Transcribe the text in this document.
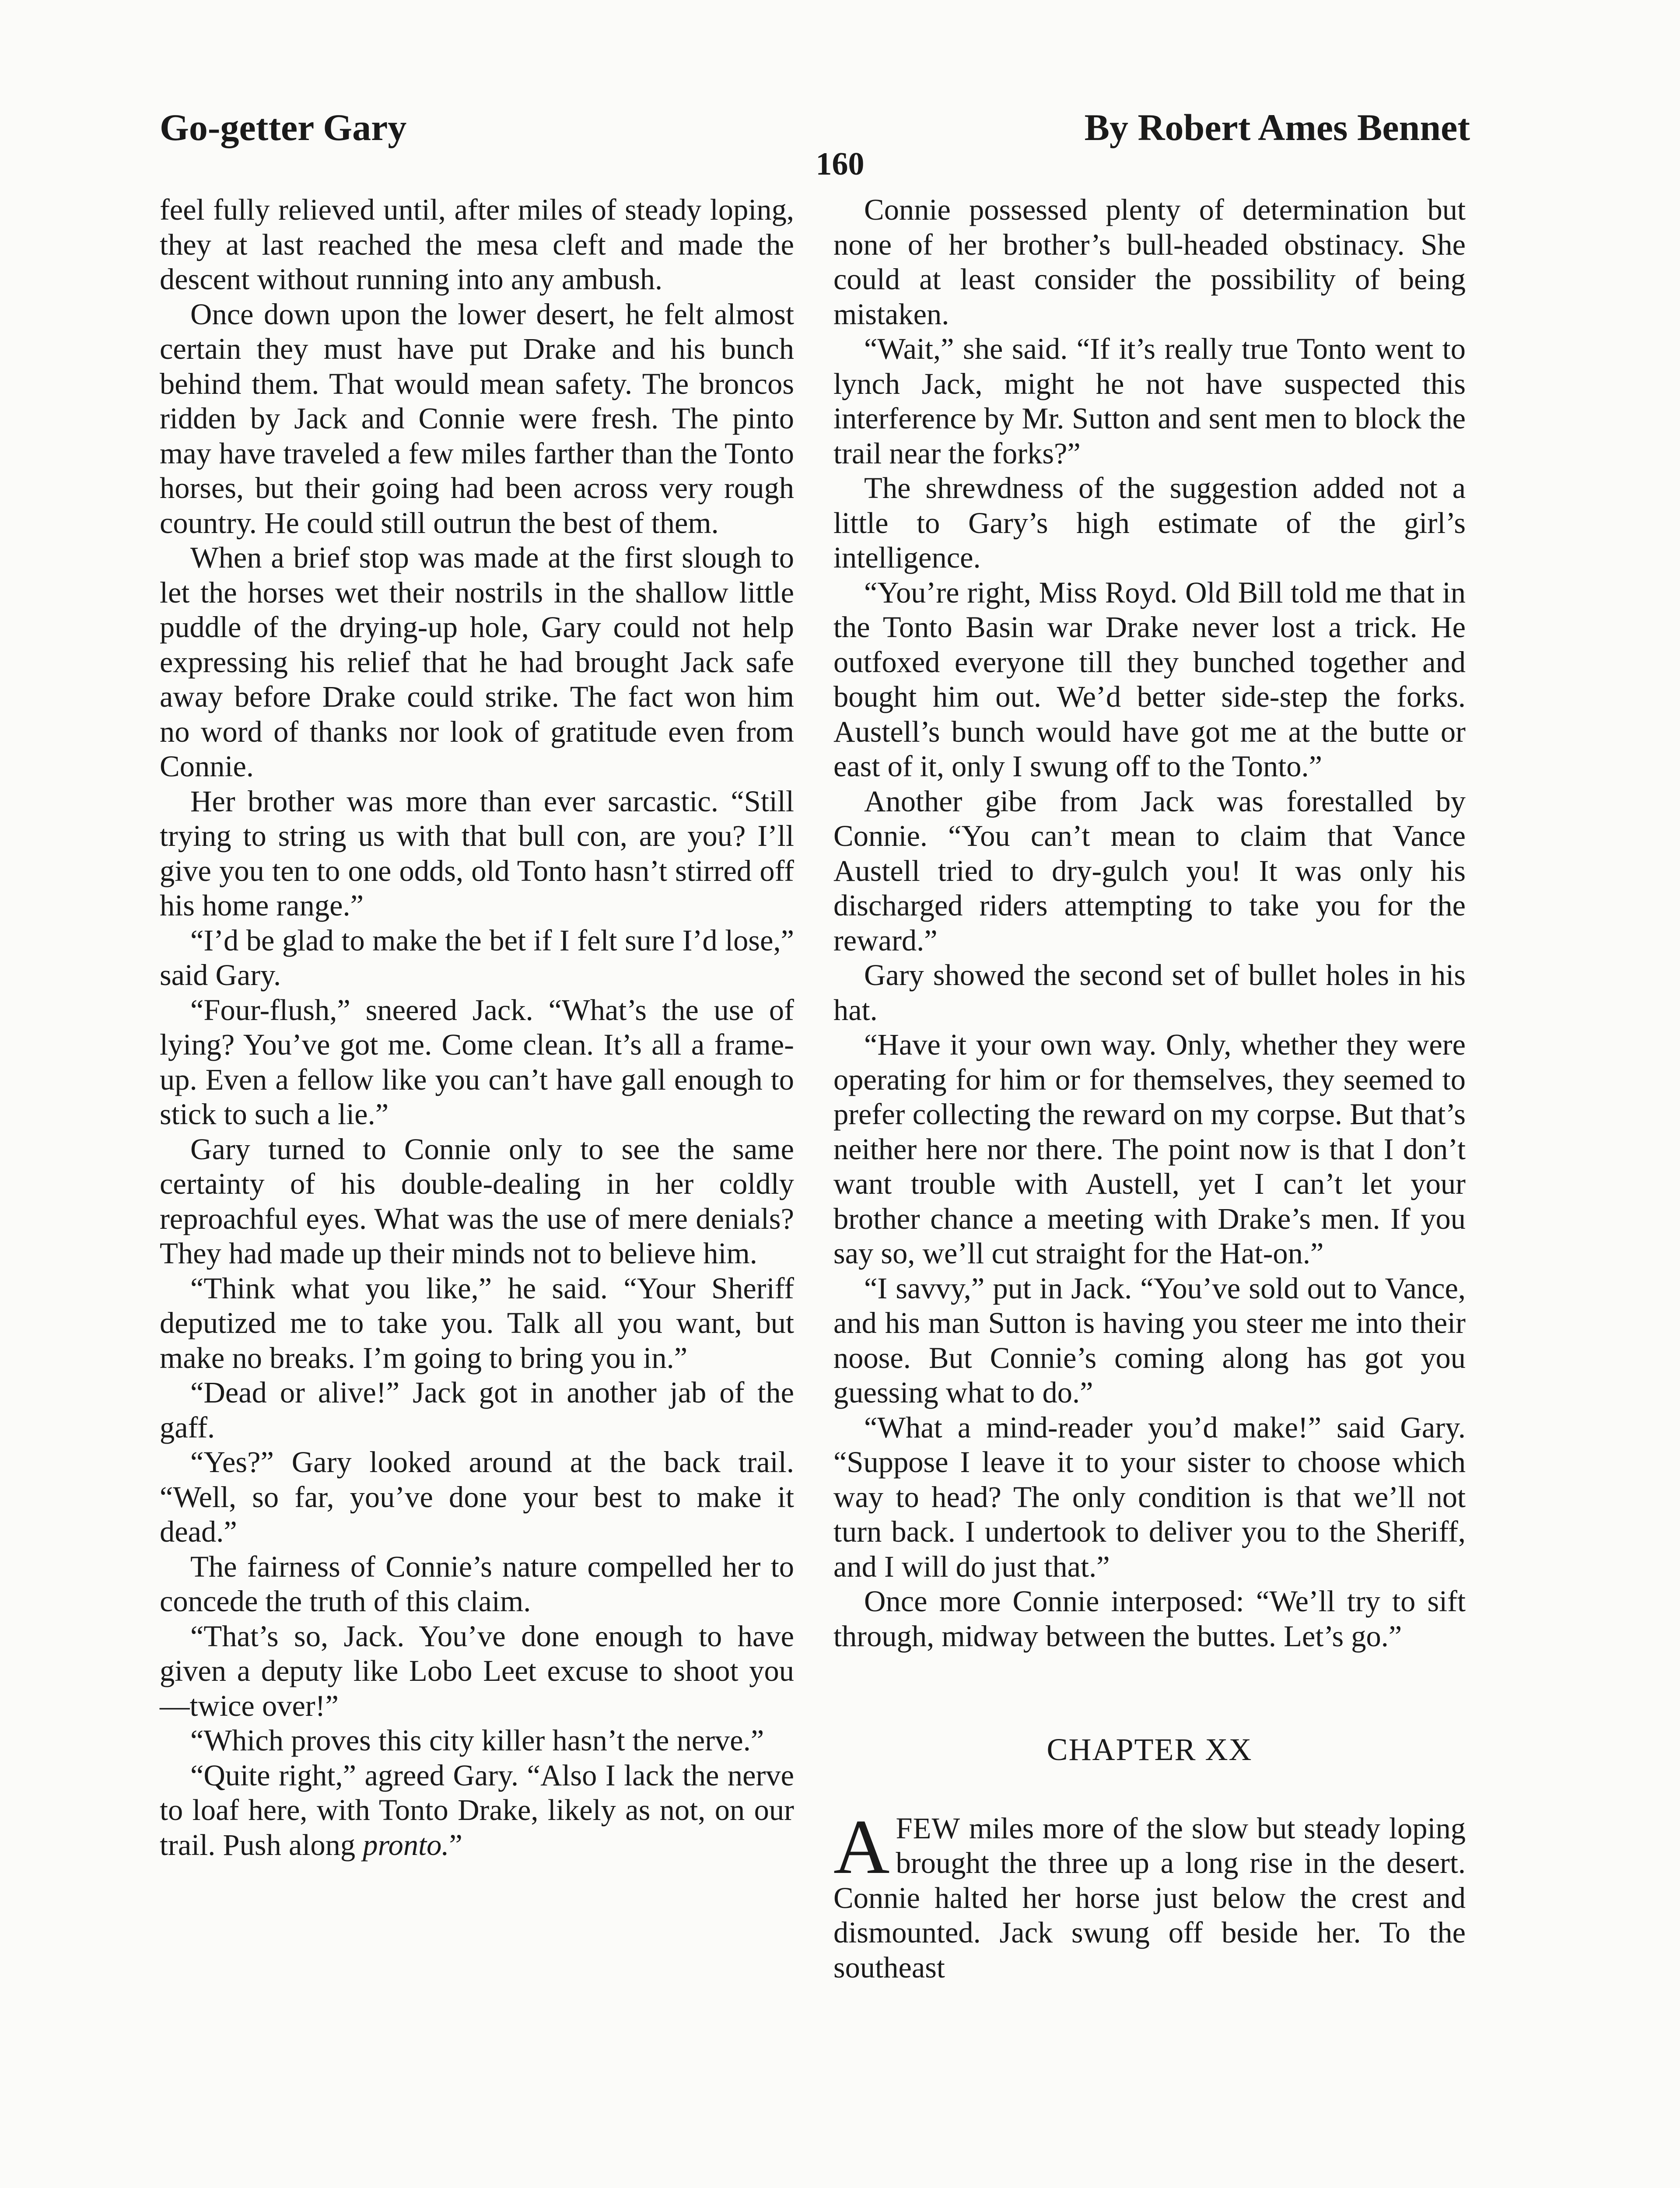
Go-getter Gary	By Robert Ames Bennet
160

feel fully relieved until, after miles of steady loping, they at last reached the mesa cleft and made the descent without running into any ambush.

Once down upon the lower desert, he felt almost certain they must have put Drake and his bunch behind them. That would mean safety. The broncos ridden by Jack and Connie were fresh. The pinto may have traveled a few miles farther than the Tonto horses, but their going had been across very rough country. He could still outrun the best of them.

When a brief stop was made at the first slough to let the horses wet their nostrils in the shallow little puddle of the drying-up hole, Gary could not help expressing his relief that he had brought Jack safe away before Drake could strike. The fact won him no word of thanks nor look of gratitude even from Connie.

Her brother was more than ever sarcastic. “Still trying to string us with that bull con, are you? I’ll give you ten to one odds, old Tonto hasn’t stirred off his home range.”

“I’d be glad to make the bet if I felt sure I’d lose,” said Gary.

“Four-flush,” sneered Jack. “What’s the use of lying? You’ve got me. Come clean. It’s all a frame-up. Even a fellow like you can’t have gall enough to stick to such a lie.”

Gary turned to Connie only to see the same certainty of his double-dealing in her coldly reproachful eyes. What was the use of mere denials? They had made up their minds not to believe him.

“Think what you like,” he said. “Your Sheriff deputized me to take you. Talk all you want, but make no breaks. I’m going to bring you in.”

“Dead or alive!” Jack got in another jab of the gaff.

“Yes?” Gary looked around at the back trail. “Well, so far, you’ve done your best to make it dead.”

The fairness of Connie’s nature compelled her to concede the truth of this claim.

“That’s so, Jack. You’ve done enough to have given a deputy like Lobo Leet excuse to shoot you—twice over!”

“Which proves this city killer hasn’t the nerve.”

“Quite right,” agreed Gary. “Also I lack the nerve to loaf here, with Tonto Drake, likely as not, on our trail. Push along pronto.”

Connie possessed plenty of determination but none of her brother’s bull-headed obstinacy. She could at least consider the possibility of being mistaken.

“Wait,” she said. “If it’s really true Tonto went to lynch Jack, might he not have suspected this interference by Mr. Sutton and sent men to block the trail near the forks?”

The shrewdness of the suggestion added not a little to Gary’s high estimate of the girl’s intelligence.

“You’re right, Miss Royd. Old Bill told me that in the Tonto Basin war Drake never lost a trick. He outfoxed everyone till they bunched together and bought him out. We’d better side-step the forks. Austell’s bunch would have got me at the butte or east of it, only I swung off to the Tonto.”

Another gibe from Jack was forestalled by Connie. “You can’t mean to claim that Vance Austell tried to dry-gulch you! It was only his discharged riders attempting to take you for the reward.”

Gary showed the second set of bullet holes in his hat.

“Have it your own way. Only, whether they were operating for him or for themselves, they seemed to prefer collecting the reward on my corpse. But that’s neither here nor there. The point now is that I don’t want trouble with Austell, yet I can’t let your brother chance a meeting with Drake’s men. If you say so, we’ll cut straight for the Hat-on.”

“I savvy,” put in Jack. “You’ve sold out to Vance, and his man Sutton is having you steer me into their noose. But Connie’s coming along has got you guessing what to do.”

“What a mind-reader you’d make!” said Gary. “Suppose I leave it to your sister to choose which way to head? The only condition is that we’ll not turn back. I undertook to deliver you to the Sheriff, and I will do just that.”

Once more Connie interposed: “We’ll try to sift through, midway between the buttes. Let’s go.”

CHAPTER XX

AFEW miles more of the slow but steady loping brought the three up a long rise in the desert. Connie halted her horse just below the crest and dismounted. Jack swung off beside her. To the southeast
